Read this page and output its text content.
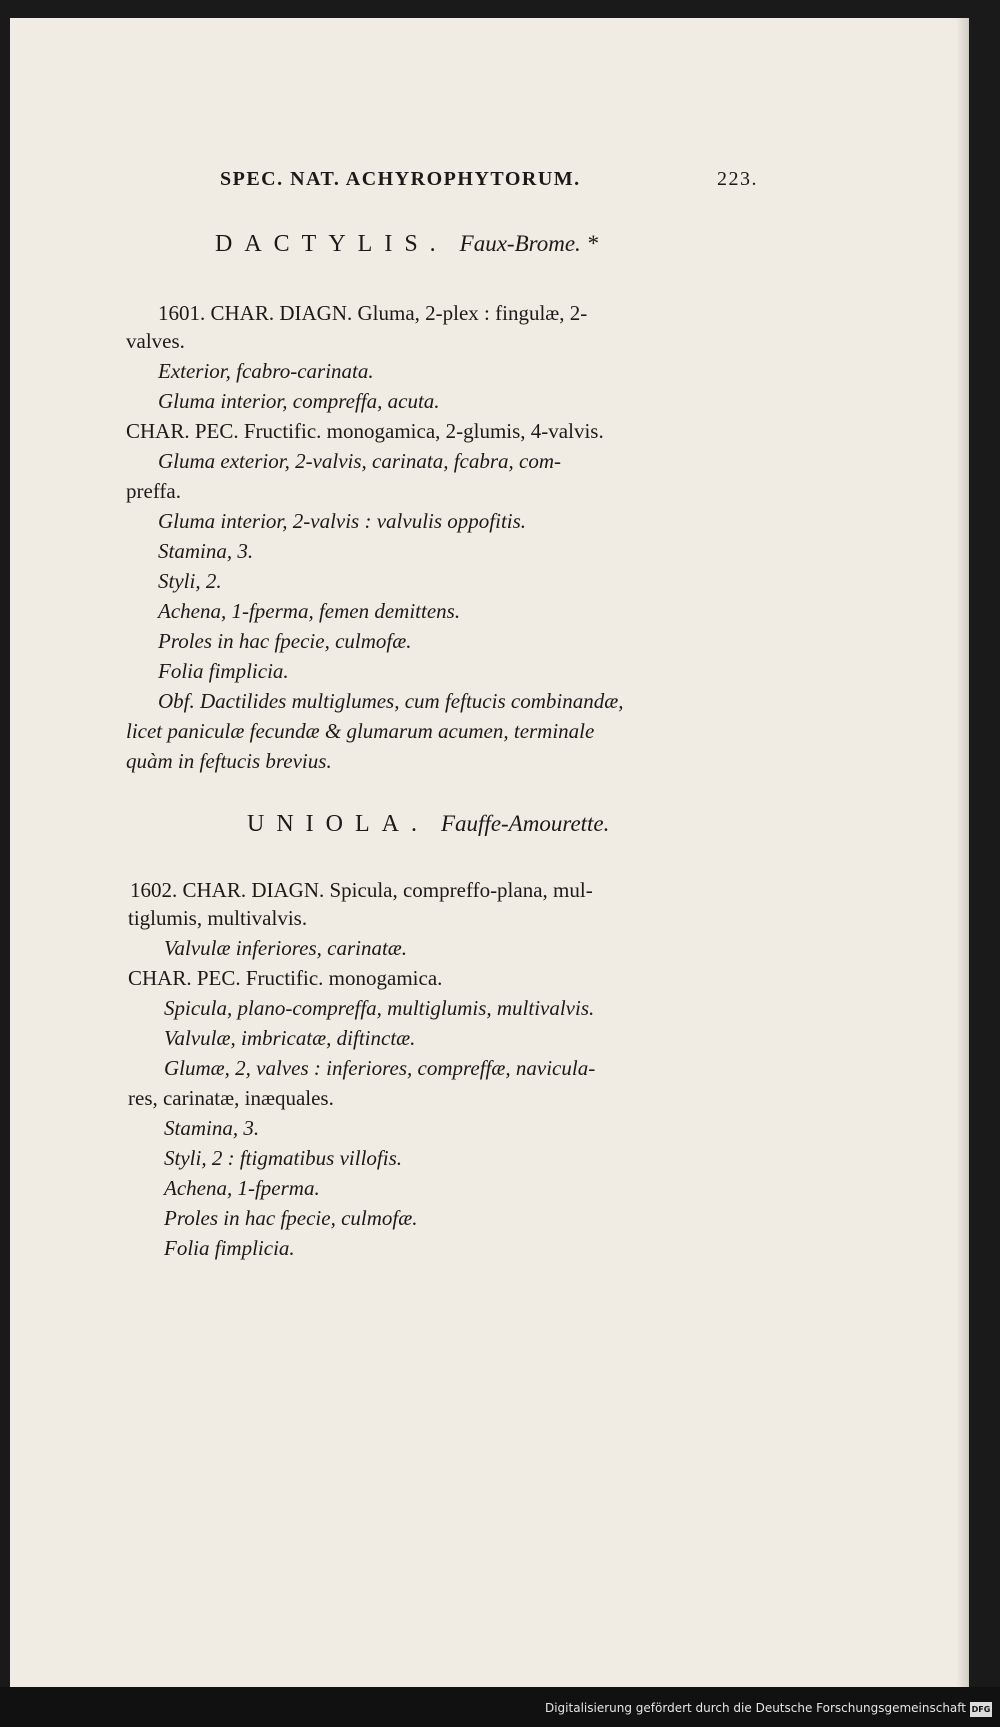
SPEC. NAT. ACHYROPHYTORUM.	223.
DACTYLIS. Faux-Brome. *
1601. CHAR. DIAGN. Gluma, 2-plex : fingulæ, 2-
valves.
Exterior, fcabro-carinata.
Gluma interior, compreffa, acuta.
CHAR. PEC. Fructific. monogamica, 2-glumis, 4-valvis.
Gluma exterior, 2-valvis, carinata, fcabra, com-
preffa.
Gluma interior, 2-valvis : valvulis oppofitis.
Stamina, 3.
Styli, 2.
Achena, 1-fperma, femen demittens.
Proles in hac fpecie, culmofæ.
Folia fimplicia.
Obf. Dactilides multiglumes, cum feftucis combinandæ,
licet paniculæ fecundæ & glumarum acumen, terminale
quàm in feftucis brevius.
UNIOLA. Fauffe-Amourette.
1602. CHAR. DIAGN. Spicula, compreffo-plana, mul-
tiglumis, multivalvis.
Valvulæ inferiores, carinatæ.
CHAR. PEC. Fructific. monogamica.
Spicula, plano-compreffa, multiglumis, multivalvis.
Valvulæ, imbricatæ, diftinctæ.
Glumæ, 2, valves : inferiores, compreffæ, navicula-
res, carinatæ, inæquales.
Stamina, 3.
Styli, 2 : ftigmatibus villofis.
Achena, 1-fperma.
Proles in hac fpecie, culmofæ.
Folia fimplicia.
Digitalisierung gefördert durch die Deutsche Forschungsgemeinschaft DFG
